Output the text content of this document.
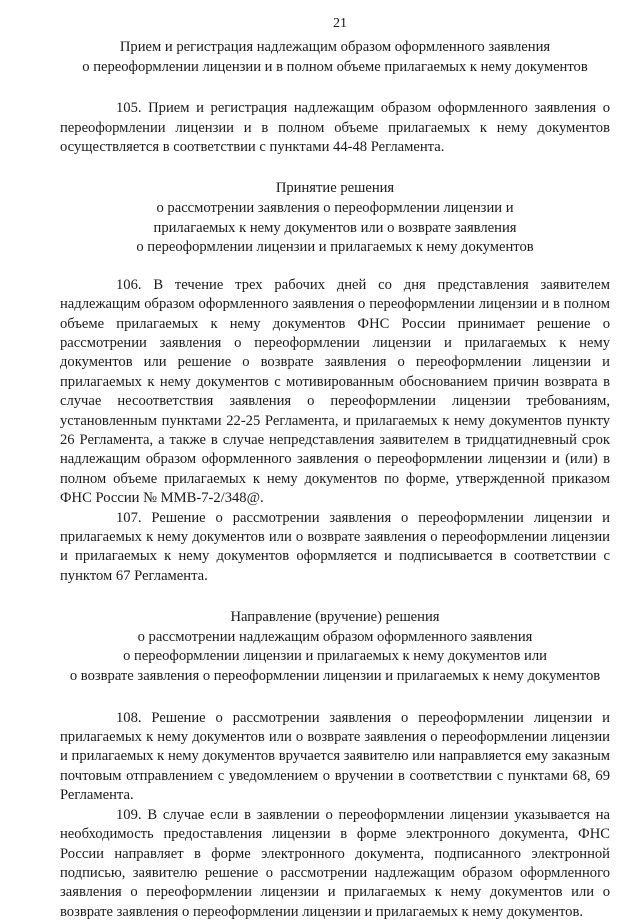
21
Прием и регистрация надлежащим образом оформленного заявления
о переоформлении лицензии и в полном объеме прилагаемых к нему документов

105. Прием и регистрация надлежащим образом оформленного заявления о переоформлении лицензии и в полном объеме прилагаемых к нему документов осуществляется в соответствии с пунктами 44-48 Регламента.

Принятие решения
о рассмотрении заявления о переоформлении лицензии и
прилагаемых к нему документов или о возврате заявления
о переоформлении лицензии и прилагаемых к нему документов

106. В течение трех рабочих дней со дня представления заявителем надлежащим образом оформленного заявления о переоформлении лицензии и в полном объеме прилагаемых к нему документов ФНС России принимает решение о рассмотрении заявления о переоформлении лицензии и прилагаемых к нему документов или решение о возврате заявления о переоформлении лицензии и прилагаемых к нему документов с мотивированным обоснованием причин возврата в случае несоответствия заявления о переоформлении лицензии требованиям, установленным пунктами 22-25 Регламента, и прилагаемых к нему документов пункту 26 Регламента, а также в случае непредставления заявителем в тридцатидневный срок надлежащим образом оформленного заявления о переоформлении лицензии и (или) в полном объеме прилагаемых к нему документов по форме, утвержденной приказом ФНС России № ММВ-7-2/348@.

107. Решение о рассмотрении заявления о переоформлении лицензии и прилагаемых к нему документов или о возврате заявления о переоформлении лицензии и прилагаемых к нему документов оформляется и подписывается в соответствии с пунктом 67 Регламента.

Направление (вручение) решения
о рассмотрении надлежащим образом оформленного заявления
о переоформлении лицензии и прилагаемых к нему документов или
о возврате заявления о переоформлении лицензии и прилагаемых к нему документов

108. Решение о рассмотрении заявления о переоформлении лицензии и прилагаемых к нему документов или о возврате заявления о переоформлении лицензии и прилагаемых к нему документов вручается заявителю или направляется ему заказным почтовым отправлением с уведомлением о вручении в соответствии с пунктами 68, 69 Регламента.

109. В случае если в заявлении о переоформлении лицензии указывается на необходимость предоставления лицензии в форме электронного документа, ФНС России направляет в форме электронного документа, подписанного электронной подписью, заявителю решение о рассмотрении надлежащим образом оформленного заявления о переоформлении лицензии и прилагаемых к нему документов или о возврате заявления о переоформлении лицензии и прилагаемых к нему документов.
